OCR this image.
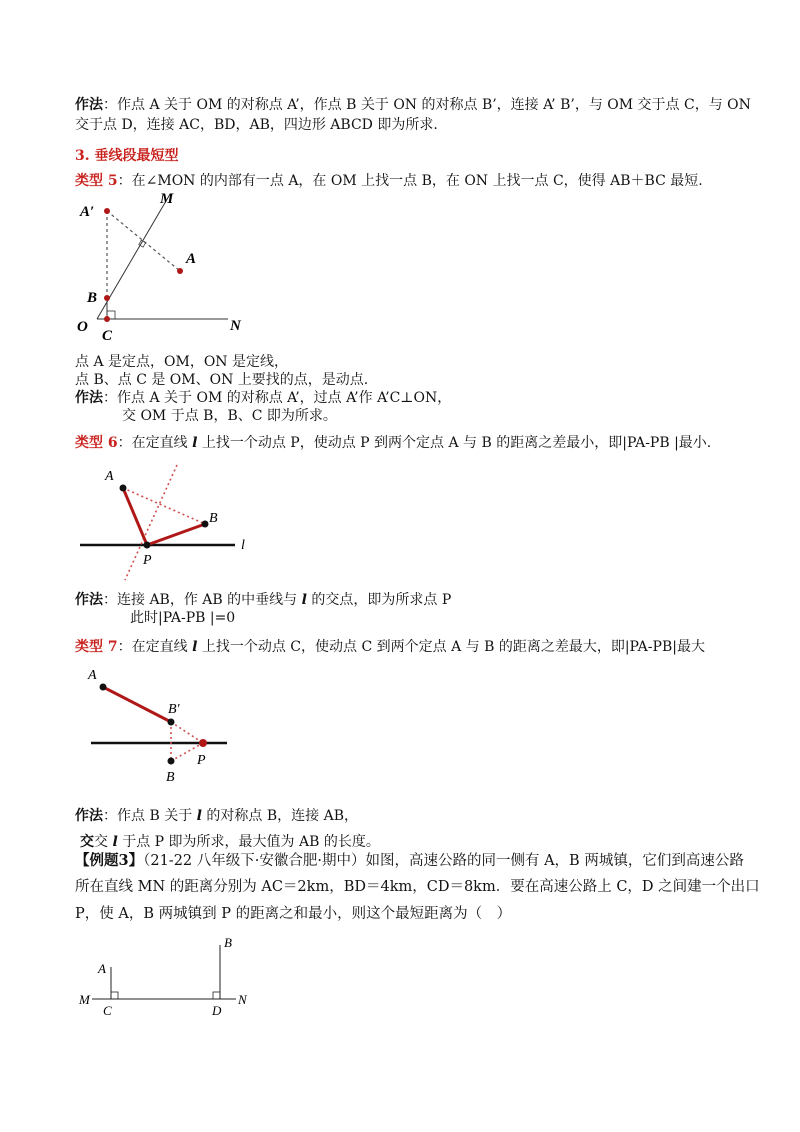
作法：作点 A 关于 OM 的对称点 A’，作点 B 关于 ON 的对称点 B’，连接 A’ B’，与 OM 交于点 C，与 ON
交于点 D，连接 AC，BD，AB，四边形 ABCD 即为所求.
3. 垂线段最短型
类型 5：在∠MON 的内部有一点 A，在 OM 上找一点 B，在 ON 上找一点 C，使得 AB＋BC 最短.
A′
M
A
B
O
C
N
点 A 是定点，OM，ON 是定线，
点 B、点 C 是 OM、ON 上要找的点，是动点.
作法：作点 A 关于 OM 的对称点 A’，过点 A’作 A’C⊥ON，
交 OM 于点 B，B、C 即为所求。
类型 6：在定直线 l 上找一个动点 P，使动点 P 到两个定点 A 与 B 的距离之差最小，即|PA-PB |最小.
A
B
P
l
作法：连接 AB，作 AB 的中垂线与 l 的交点，即为所求点 P
此时|PA-PB |=0
类型 7：在定直线 l 上找一个动点 C，使动点 C 到两个定点 A 与 B 的距离之差最大，即|PA-PB|最大
A
B′
P
B
作法：作点 B 关于 l 的对称点 B，连接 AB，
交交 l 于点 P 即为所求，最大值为 AB 的长度。
【例题3】（21-22 八年级下·安徽合肥·期中）如图，高速公路的同一侧有 A，B 两城镇，它们到高速公路
所在直线 MN 的距离分别为 AC＝2km，BD＝4km，CD＝8km．要在高速公路上 C，D 之间建一个出口
P，使 A，B 两城镇到 P 的距离之和最小，则这个最短距离为（　）
A
B
M	N
C	D
